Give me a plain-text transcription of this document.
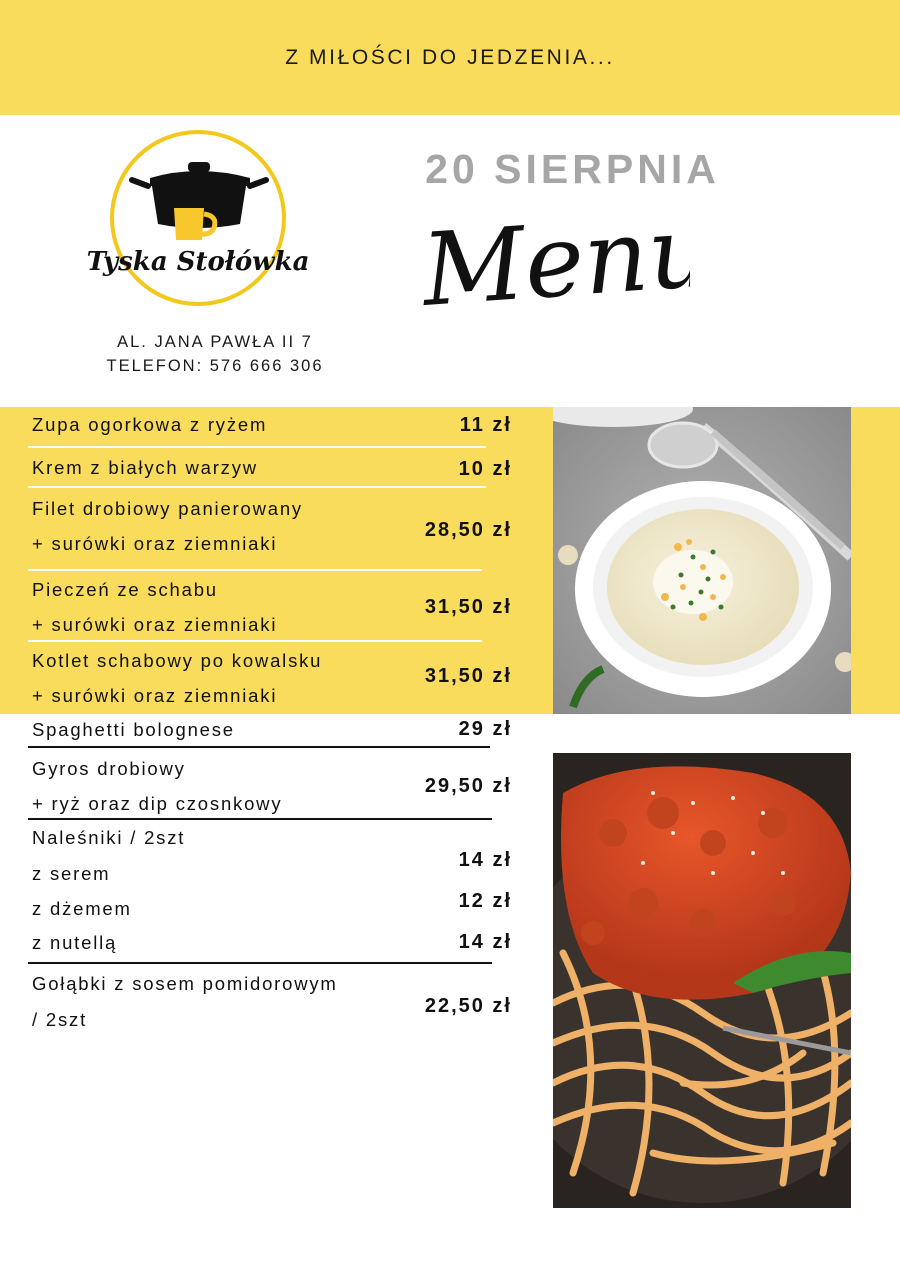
Z MIŁOŚCI DO JEDZENIA...
Tyska Stołówka
AL. JANA PAWŁA II 7
TELEFON: 576 666 306
20 SIERPNIA
Menu
Zupa ogorkowa z ryżem	11 zł
Krem z białych warzyw	10 zł
Filet drobiowy panierowany
+ surówki oraz ziemniaki
28,50 zł
Pieczeń ze schabu
+ surówki oraz ziemniaki
31,50 zł
Kotlet schabowy po kowalsku
+ surówki oraz ziemniaki
31,50 zł
Spaghetti bolognese	29 zł
Gyros drobiowy
+ ryż oraz dip czosnkowy
29,50 zł
Naleśniki / 2szt
z serem
14 zł
z dżemem	12 zł
z nutellą	14 zł
Gołąbki z sosem pomidorowym
/ 2szt
22,50 zł
